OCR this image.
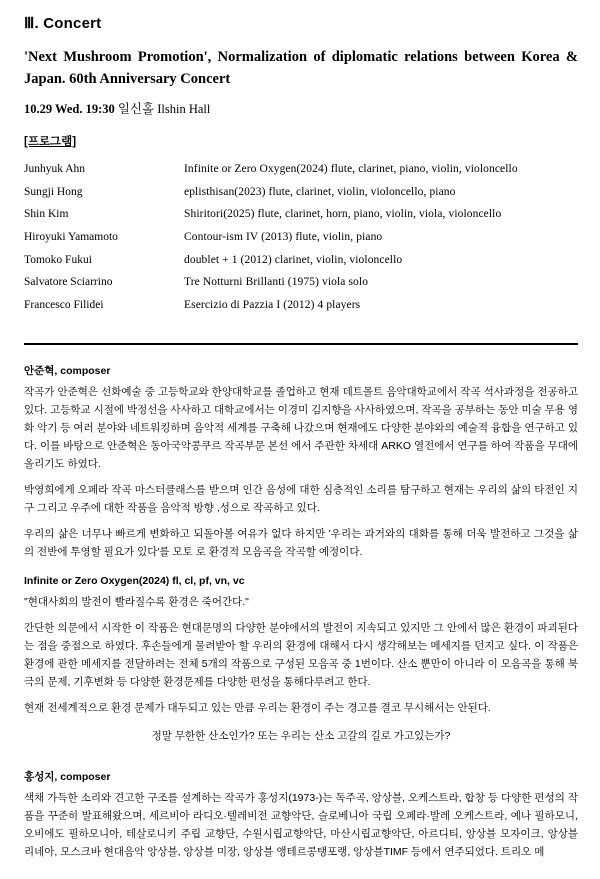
Ⅲ. Concert
'Next Mushroom Promotion', Normalization of diplomatic relations between Korea & Japan. 60th Anniversary Concert
10.29 Wed. 19:30 일신홀 Ilshin Hall
[프로그램]
Junhyuk Ahn	Infinite or Zero Oxygen(2024) flute, clarinet, piano, violin, violoncello
Sungji Hong	eplisthisan(2023) flute, clarinet, violin, violoncello, piano
Shin Kim	Shiritori(2025) flute, clarinet, horn, piano, violin, viola, violoncello
Hiroyuki Yamamoto	Contour-ism IV (2013) flute, violin, piano
Tomoko Fukui	doublet + 1 (2012) clarinet, violin, violoncello
Salvatore Sciarrino	Tre Notturni Brillanti (1975) viola solo
Francesco Filidei	Esercizio di Pazzia I (2012) 4 players
안준혁, composer
작곡가 안준혁은 선화예술 중 고등학교와 한양대학교를 졸업하고 현재 데트몰트 음악대학교에서 작곡 석사과정을 전공하고 있다. 고등학교 시절에 박정선을 사사하고 대학교에서는 이경미 김지향을 사사하였으며, 작곡을 공부하는 동안 미술 무용 영화 악기 등 여러 분야와 네트워킹하며 음악적 세계를 구축해 나갔으며 현재에도 다양한 분야와의 예술적 융합을 연구하고 있다. 이를 바탕으로 안준혁은 동아국악콩쿠르 작곡부문 본선 에서 주관한 차세대 ARKO 열전에서 연구를 하여 작품을 무대에 올리기도 하였다.
박영희에게 오페라 작곡 마스터클래스를 받으며 인간 음성에 대한 심층적인 소리를 탐구하고 현재는 우리의 삶의 타전인 지구 그리고 우주에 대한 작품을 음악적 방향 ,성으로 작곡하고 있다.
우리의 삶은 너무나 빠르게 변화하고 되돌아볼 여유가 없다 하지만 '우리는 과거와의 대화를 통해 더욱 발전하고 그것을 삶의 전반에 투영할 필요가 있다'를 모토 로 환경적 모음곡을 작곡할 예정이다.
Infinite or Zero Oxygen(2024) fl, cl, pf, vn, vc
"현대사회의 발전이 빨라질수록 환경은 죽어간다."
간단한 의문에서 시작한 이 작품은 현대문명의 다양한 분야에서의 발전이 지속되고 있지만 그 안에서 많은 환경이 파괴된다는 점을 중점으로 하였다. 후손들에게 물려받아 할 우리의 환경에 대해서 다시 생각해보는 메세지를 던지고 싶다. 이 작품은 환경에 관한 메세지를 전달하려는 전체 5개의 작품으로 구성된 모음곡 중 1번이다. 산소 뿐만이 아니라 이 모음곡을 통해 북극의 문제, 기후변화 등 다양한 환경문제를 다양한 편성을 통해다루려고 한다.
현재 전세계적으로 환경 문제가 대두되고 있는 만큼 우리는 환경이 주는 경고를 결코 무시해서는 안된다.
정말 무한한 산소인가? 또는 우리는 산소 고갈의 길로 가고있는가?
홍성지, composer
색채 가득한 소리와 견고한 구조를 설계하는 작곡가 홍성지(1973-)는 독주곡, 앙상블, 오케스트라, 합창 등 다양한 편성의 작품을 꾸준히 발표해왔으며, 세르비아 라디오·텔레비전 교향악단, 슬로베니아 국립 오페라·발레 오케스트라, 예나 필하모니, 오비에도 필하모니아, 테살로니키 주립 교향단, 수원시립교향악단, 마산시립교향악단, 아르디티, 앙상블 모자이크, 앙상블 리네아, 모스크바 현대음악 앙상블, 앙상블 미장, 앙상블 앵테르콩탱포랭, 앙상블TIMF 등에서 연주되었다. 트리오 메
